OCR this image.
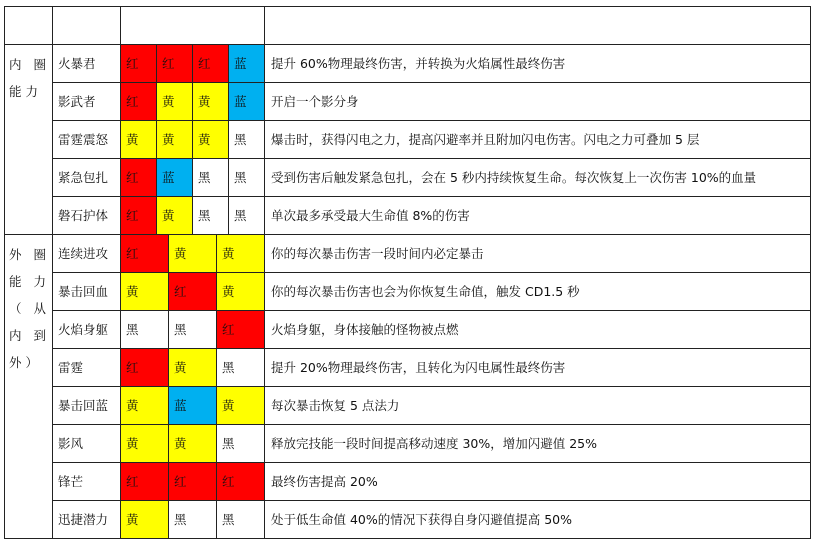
内 圈 能力	火暴君	红	红	红	蓝	提升 60%物理最终伤害，并转换为火焰属性最终伤害
	影武者	红	黄	黄	蓝	开启一个影分身
	雷霆震怒	黄	黄	黄	黑	爆击时，获得闪电之力，提高闪避率并且附加闪电伤害。闪电之力可叠加 5 层
	紧急包扎	红	蓝	黑	黑	受到伤害后触发紧急包扎，会在 5 秒内持续恢复生命。每次恢复上一次伤害 10%的血量
	磐石护体	红	黄	黑	黑	单次最多承受最大生命值 8%的伤害
外 圈 能 力 （ 从 内 到 外）	连续进攻	红 黄 黄				你的每次暴击伤害一段时间内必定暴击
	暴击回血	黄 红 黄				你的每次暴击伤害也会为你恢复生命值，触发 CD1.5 秒
	火焰身躯	黑 黑 红				火焰身躯，身体接触的怪物被点燃
	雷霆	红 黄 黑				提升 20%物理最终伤害，且转化为闪电属性最终伤害
	暴击回蓝	黄 蓝 黄				每次暴击恢复 5 点法力
	影风	黄 黄 黑				释放完技能一段时间提高移动速度 30%，增加闪避值 25%
	锋芒	红 红 红				最终伤害提高 20%
	迅捷潜力	黄 黑 黑				处于低生命值 40%的情况下获得自身闪避值提高 50%
